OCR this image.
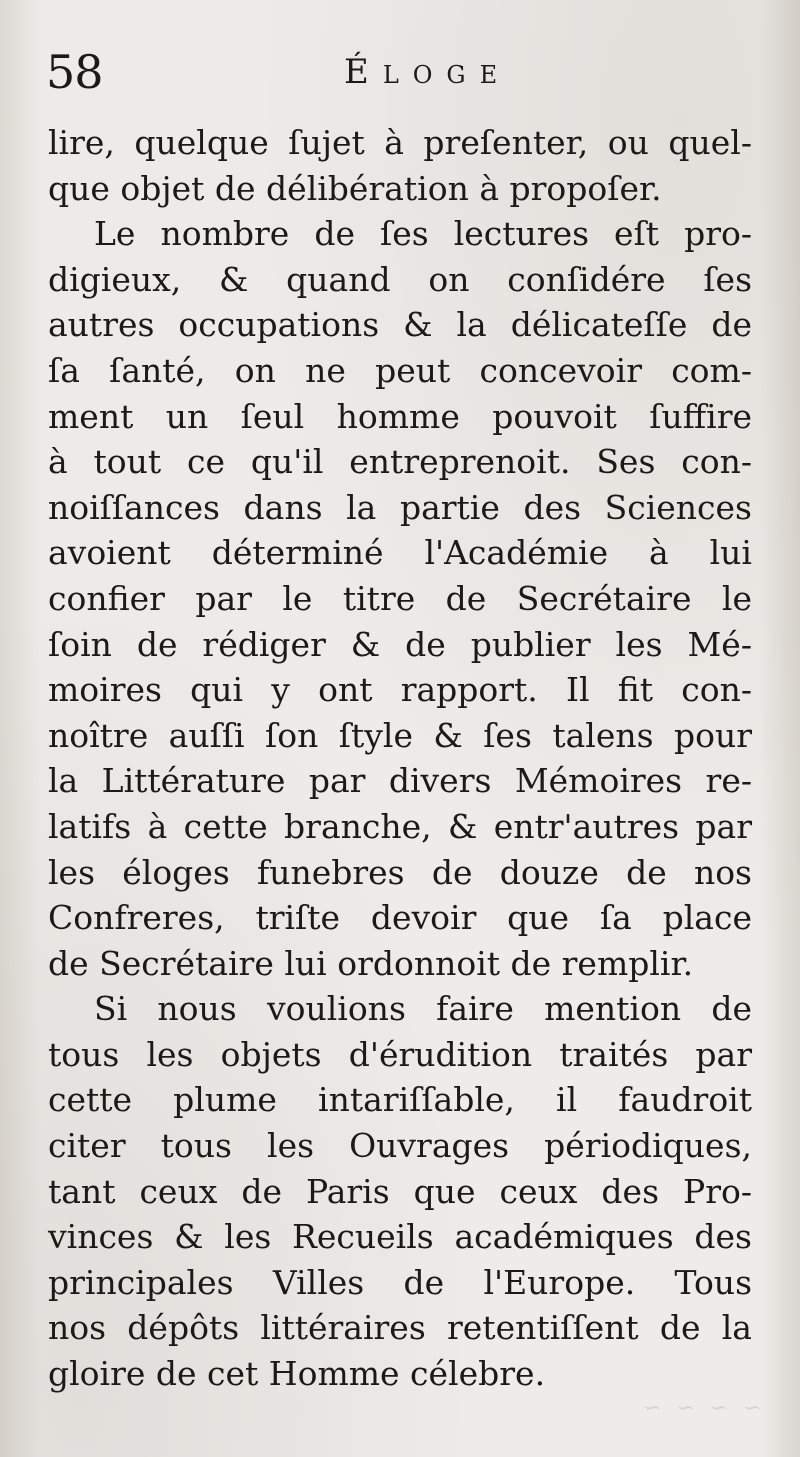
58	Éloge
lire, quelque ſujet à preſenter, ou quel-
que objet de délibération à propoſer.
Le nombre de ſes lectures eſt pro-
digieux, & quand on conſidére ſes
autres occupations & la délicateſſe de
ſa ſanté, on ne peut concevoir com-
ment un ſeul homme pouvoit ſuffire
à tout ce qu'il entreprenoit. Ses con-
noiſſances dans la partie des Sciences
avoient déterminé l'Académie à lui
confier par le titre de Secrétaire le
ſoin de rédiger & de publier les Mé-
moires qui y ont rapport. Il fit con-
noître auſſi ſon ſtyle & ſes talens pour
la Littérature par divers Mémoires re-
latifs à cette branche, & entr'autres par
les éloges funebres de douze de nos
Confreres, triſte devoir que ſa place
de Secrétaire lui ordonnoit de remplir.
Si nous voulions faire mention de
tous les objets d'érudition traités par
cette plume intariſſable, il faudroit
citer tous les Ouvrages périodiques,
tant ceux de Paris que ceux des Pro-
vinces & les Recueils académiques des
principales Villes de l'Europe. Tous
nos dépôts littéraires retentiſſent de la
gloire de cet Homme célebre.
~ ~ ~ ~
